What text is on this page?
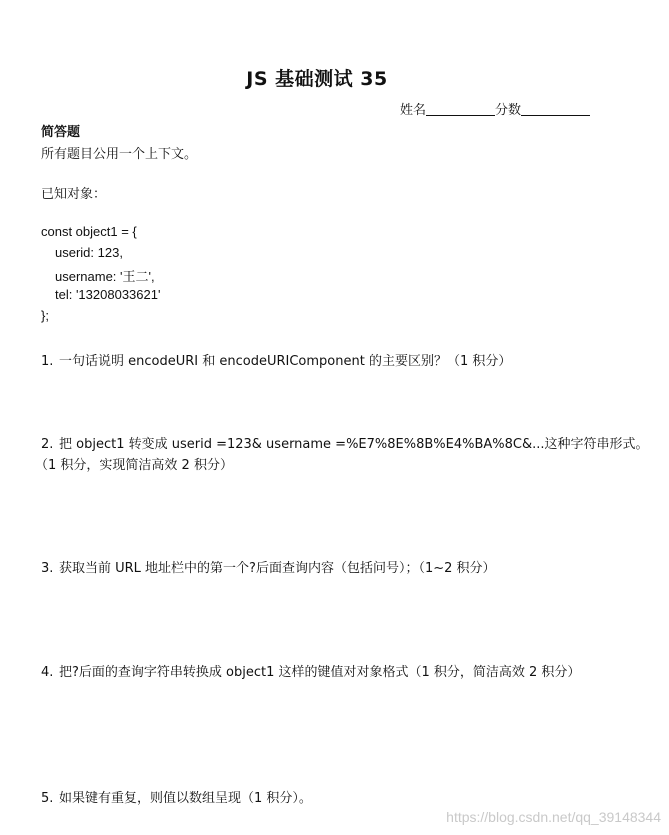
JS 基础测试 35
姓名	分数
简答题
所有题目公用一个上下文。
已知对象：
const object1 = {
userid: 123,
username: '王二',
tel: '13208033621'
};
1. 一句话说明 encodeURI 和 encodeURIComponent 的主要区别？（1 积分）
2. 把 object1 转变成 userid =123& username =%E7%8E%8B%E4%BA%8C&...这种字符串形式。
（1 积分，实现简洁高效 2 积分）
3. 获取当前 URL 地址栏中的第一个?后面查询内容（包括问号）；（1~2 积分）
4. 把?后面的查询字符串转换成 object1 这样的键值对对象格式（1 积分，简洁高效 2 积分）
5. 如果键有重复，则值以数组呈现（1 积分）。
https://blog.csdn.net/qq_39148344
